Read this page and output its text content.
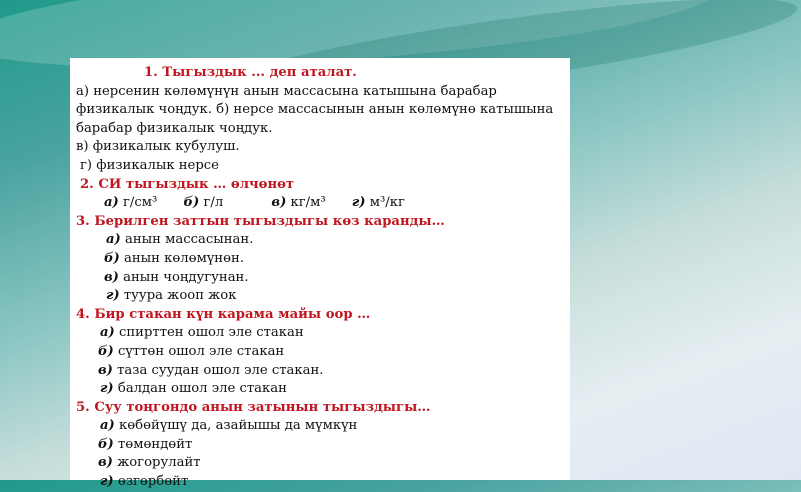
1. Тыгыздык ... деп аталат.
а) нерсенин көлөмүнүн анын массасына катышына барабар физикалык чоңдук. б) нерсе массасынын анын көлөмүнө катышына барабар физикалык чоңдук.
в) физикалык кубулуш.
г) физикалык нерсе
2. СИ тыгыздык … өлчөнөт
а) г/см³ б) г/л	в) кг/м³ г) м³/кг
3. Берилген заттын тыгыздыгы көз каранды…
а) анын массасынан.
б) анын көлөмүнөн.
в) анын чоңдугунан.
г) туура жооп жок
4. Бир стакан күн карама майы оор …
а) спирттен ошол эле стакан
б) сүттөн ошол эле стакан
в) таза суудан ошол эле стакан.
г) балдан ошол эле стакан
5. Суу тоңгондо анын затынын тыгыздыгы…
а) көбөйүшү да, азайышы да мүмкүн
б) төмөндөйт
в) жогорулайт
г) өзгөрбөйт
